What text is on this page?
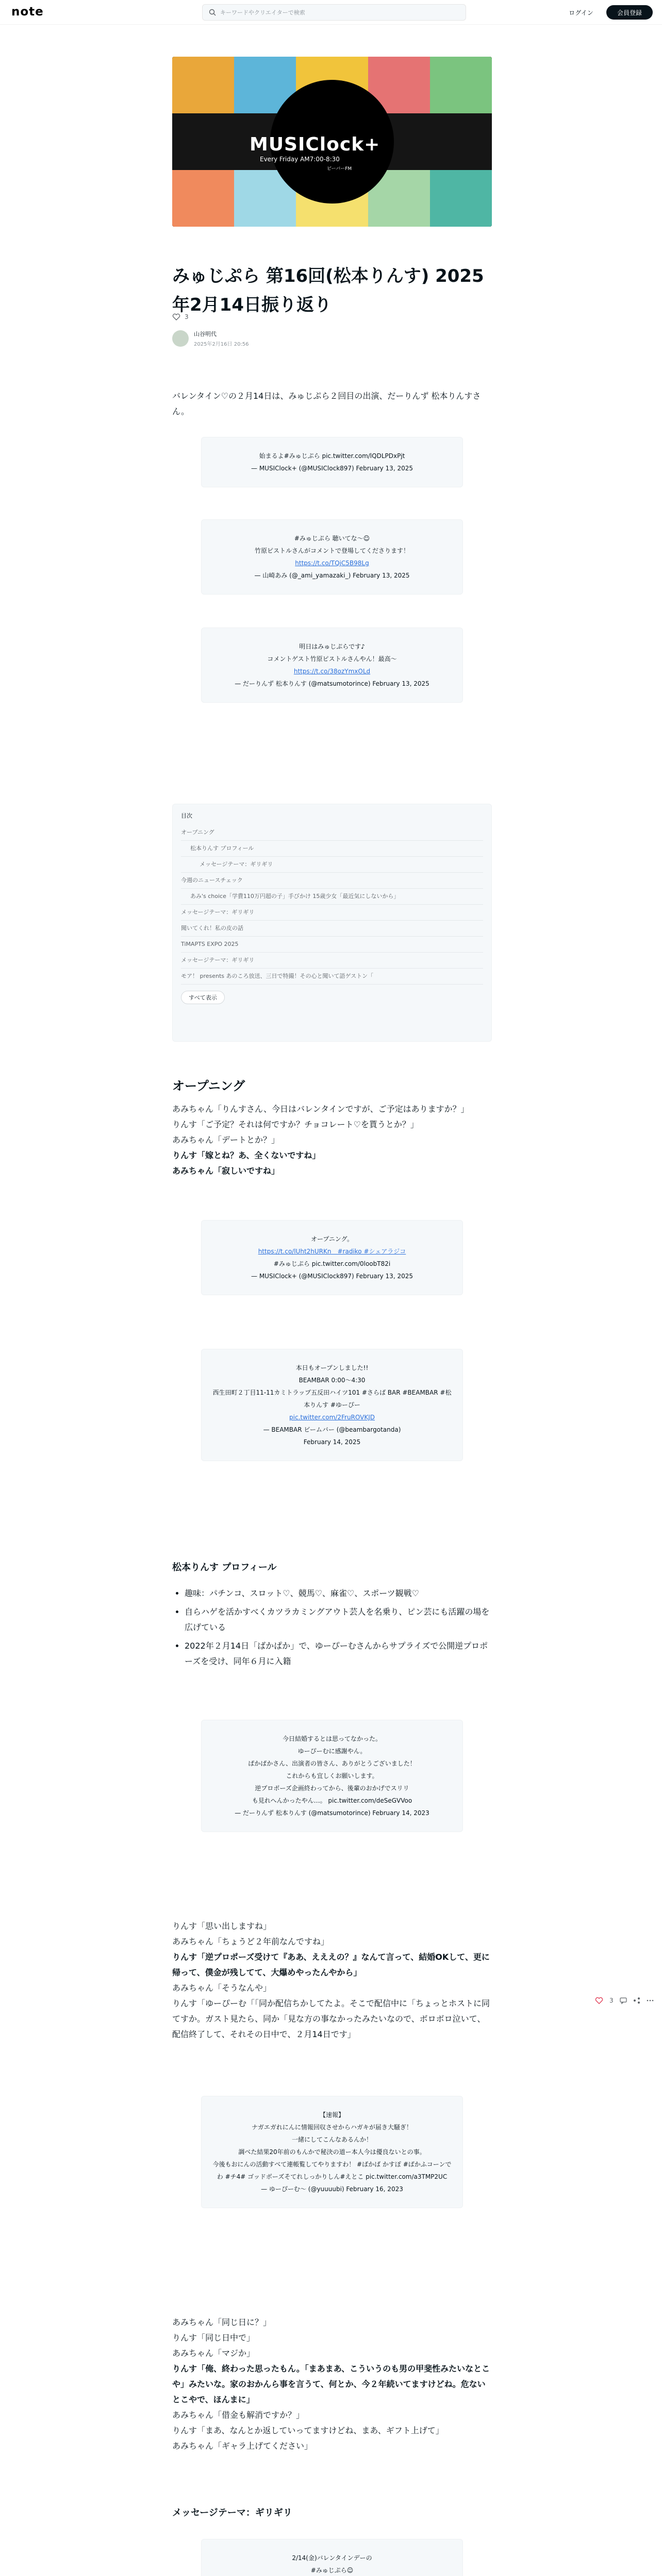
note	キーワードやクリエイターで検索	ログイン	会員登録
MUSIClock+
Every Friday AM7:00-8:30
ビーバーFM
みゅじぷら 第16回(松本りんす) 2025年2月14日振り返り
3
山谷明代
2025年2月16日 20:56
バレンタイン♡の２月14日は、みゅじぷら２回目の出演、だーりんず 松本りんすさん。
始まるよ#みゅじぷら pic.twitter.com/lQDLPDxPjt
— MUSIClock+ (@MUSIClock897) February 13, 2025
#みゅじぷら 聴いてな〜☺︎
竹原ピストルさんがコメントで登場してくださります！
https://t.co/TQjC5B98Lg
— 山崎あみ (@_ami_yamazaki_) February 13, 2025
明日はみゅじぷらです♪
コメントゲスト竹原ピストルさんやん！最高〜
https://t.co/38ozYmxOLd
— だーりんず 松本りんす (@matsumotorince) February 13, 2025
目次
オープニング
松本りんす プロフィール
メッセージテーマ：ギリギリ
今週のニュースチェック
あみ's choice「学費110万円超の子」手びかけ 15歳少女「最近気にしないから」
メッセージテーマ：ギリギリ
聞いてくれ！私の皮の話
TiMAPTS EXPO 2025
メッセージテーマ：ギリギリ
モア！ presents あのころ放送、三日で特撮！その心と聞いて語ゲストン「
すべて表示
オープニング
あみちゃん「りんすさん、今日はバレンタインですが、ご予定はありますか？」
りんす「ご予定？それは何ですか？チョコレート♡を貰うとか？」
あみちゃん「デートとか？」
りんす「嫁とね？あ、全くないですね」
あみちゃん「寂しいですね」
オープニング。
https://t.co/lUht2hURKn　#radiko #シェアラジコ
#みゅじぷら pic.twitter.com/0loobT82i
— MUSIClock+ (@MUSIClock897) February 13, 2025
本日もオープンしました!!
BEAMBAR 0:00〜4:30
西生田町２丁目11-11カミトラップ五反田ハイツ101 #さらば BAR #BEAMBAR #松本りんす #ゆーぴー
pic.twitter.com/2FruROVKJD
— BEAMBAR ビームバー (@beambargotanda)
February 14, 2025
松本りんす プロフィール
• 趣味：パチンコ、スロット♡、競馬♡、麻雀♡、スポーツ観戦♡
• 自らハゲを活かすべくカツラカミングアウト芸人を名乗り、ピン芸にも活躍の場を広げている
• 2022年２月14日「ばかぱか」で、ゆーぴーむさんからサプライズで公開逆プロポーズを受け、同年６月に入籍
今日結婚するとは思ってなかった。
ゆーぴーむに感謝やん。
ぱかぱかさん、出演者の皆さん、ありがとうございました！
これからも宜しくお願いします。
逆プロポーズ企画終わってから、後輩のおかげでスリリ
も見れへんかったやん…。 pic.twitter.com/deSeGVVoo
— だーりんず 松本りんす (@matsumotorince) February 14, 2023
りんす「思い出しますね」
あみちゃん「ちょうど２年前なんですね」
りんす「逆プロポーズ受けて『ああ、えええの？』なんて言って、結婚OKして、更に帰って、僕金が残してて、大爆めやったんやから」
あみちゃん「そうなんや」
りんす「ゆーぴーむ「「同か配信ちかしてたよ。そこで配信中に「ちょっとホストに同てすか。ガスト見たら、同か「見な方の事なかったみたいなので、ボロボロ泣いて、配信終了して、それその日中で、２月14日です」
【速報】
ナガエガれにんに情報回収させからハガキが届き大騒ぎ！
一緒にしてこんなあるんか！
調べた結果20年前のもんかで秘決の道ー本人今は優良ないとの事。
今後もおにんの活動すべて連帳覧してやりますわ！ #ばかば かすぽ #ばかふコーンでわ #チ4# ゴッドボーズそてれしっかりしん#えとこ pic.twitter.com/a3TMP2UC
— ゆーぴーむ〜 (@yuuuubi) February 16, 2023
あみちゃん「同じ日に？」
りんす「同じ日中で」
あみちゃん「マジか」
りんす「俺、終わった思ったもん。「まあまあ、こういうのも男の甲斐性みたいなとこや」みたいな。家のおかんら事を言うて、何とか、今２年続いてますけどね。危ないとこやで、ほんまに」
あみちゃん「借金も解消ですか？」
りんす「まあ、なんとか返していってますけどね、まあ、ギフト上げて」
あみちゃん「ギャラ上げてください」
メッセージテーマ：ギリギリ
2/14(金)バレンタインデーの
#みゅじぷら☺︎
3
